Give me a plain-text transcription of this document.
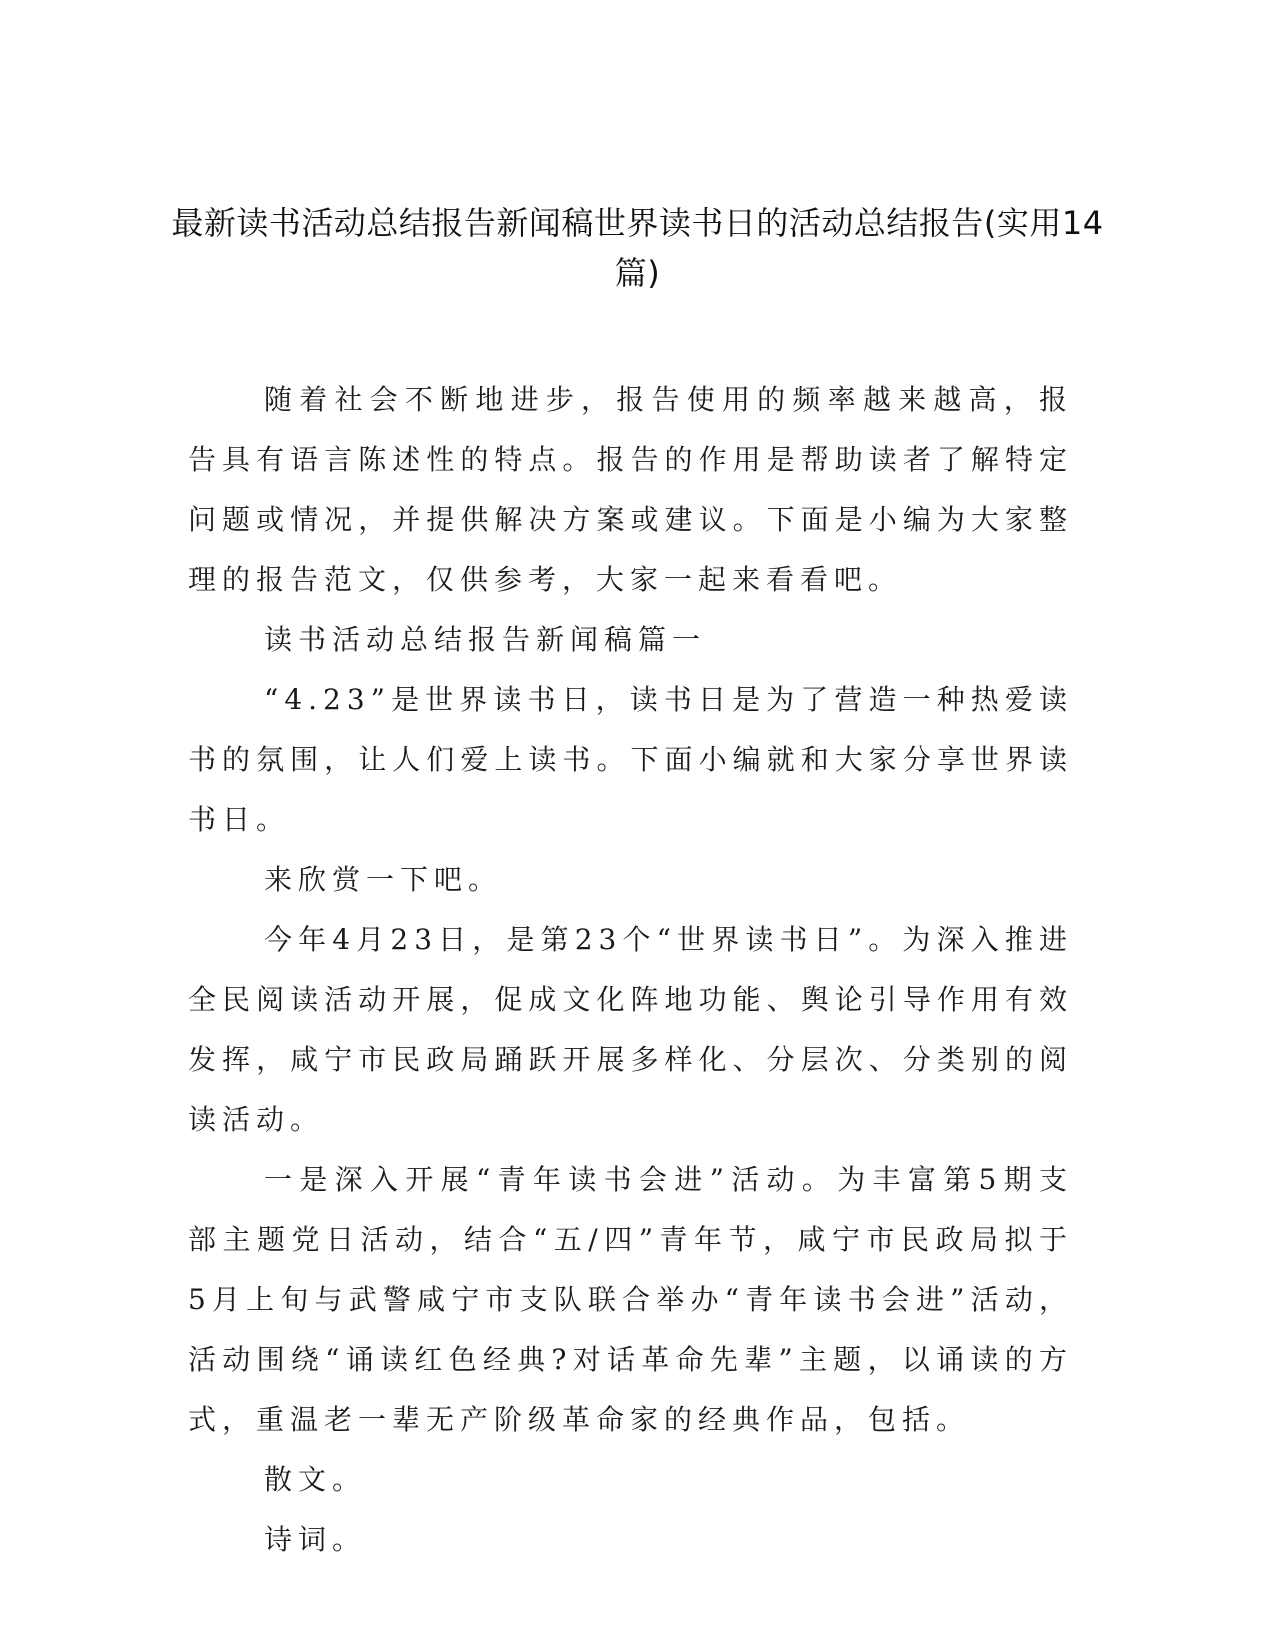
最新读书活动总结报告新闻稿世界读书日的活动总结报告(实用14篇)

随着社会不断地进步，报告使用的频率越来越高，报告具有语言陈述性的特点。报告的作用是帮助读者了解特定问题或情况，并提供解决方案或建议。下面是小编为大家整理的报告范文，仅供参考，大家一起来看看吧。

读书活动总结报告新闻稿篇一

“4.23”是世界读书日，读书日是为了营造一种热爱读书的氛围，让人们爱上读书。下面小编就和大家分享世界读书日。

来欣赏一下吧。

今年4月23日，是第23个“世界读书日”。为深入推进全民阅读活动开展，促成文化阵地功能、舆论引导作用有效发挥，咸宁市民政局踊跃开展多样化、分层次、分类别的阅读活动。

一是深入开展“青年读书会进”活动。为丰富第5期支部主题党日活动，结合“五/四”青年节，咸宁市民政局拟于5月上旬与武警咸宁市支队联合举办“青年读书会进”活动，活动围绕“诵读红色经典?对话革命先辈”主题，以诵读的方式，重温老一辈无产阶级革命家的经典作品，包括。

散文。

诗词。
